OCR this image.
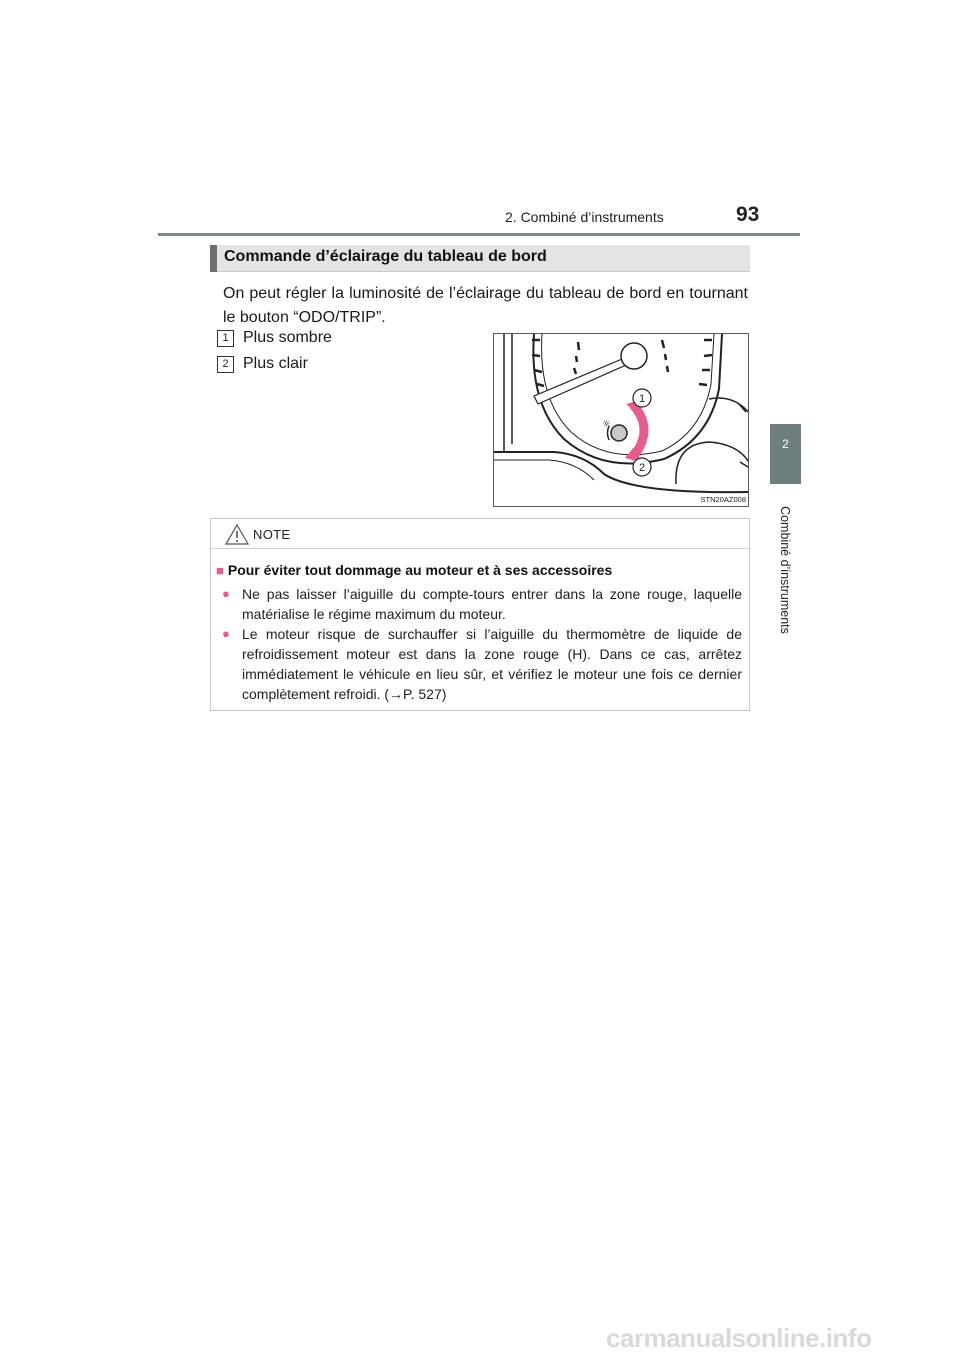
2. Combiné d’instruments	93
2
Combiné d’instruments
Commande d’éclairage du tableau de bord
On peut régler la luminosité de l’éclairage du tableau de bord en tournant le bouton “ODO/TRIP”.
1 Plus sombre
2 Plus clair
☼
1
2
STN20AZ008
NOTE
■ Pour éviter tout dommage au moteur et à ses accessoires
● Ne pas laisser l’aiguille du compte-tours entrer dans la zone rouge, laquelle matérialise le régime maximum du moteur.
● Le moteur risque de surchauffer si l’aiguille du thermomètre de liquide de refroidissement moteur est dans la zone rouge (H). Dans ce cas, arrêtez immédiatement le véhicule en lieu sûr, et vérifiez le moteur une fois ce dernier complètement refroidi. (→P. 527)
carmanualsonline.info
